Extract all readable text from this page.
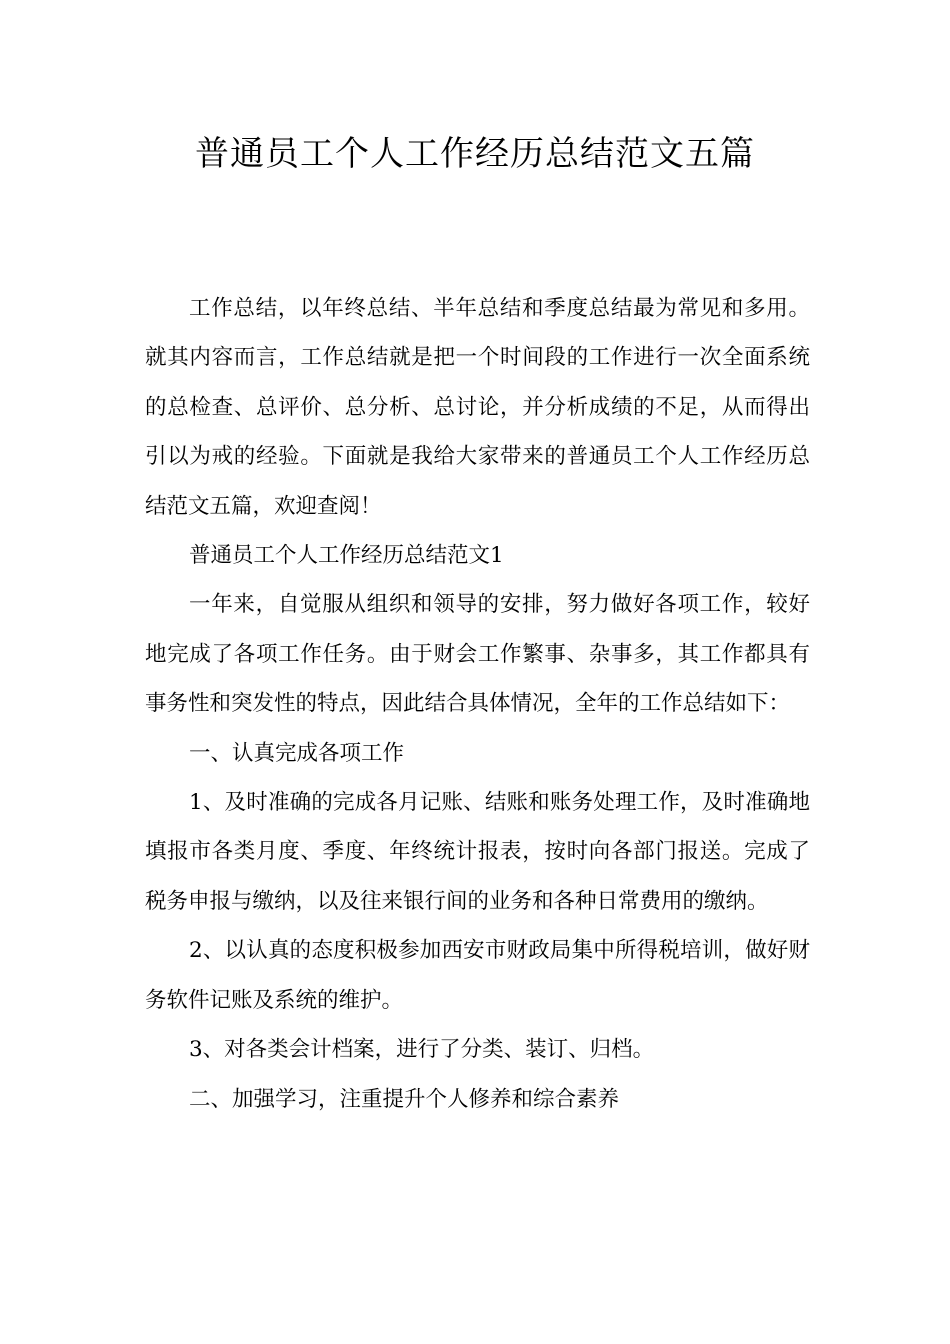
普通员工个人工作经历总结范文五篇

工作总结，以年终总结、半年总结和季度总结最为常见和多用。就其内容而言，工作总结就是把一个时间段的工作进行一次全面系统的总检查、总评价、总分析、总讨论，并分析成绩的不足，从而得出引以为戒的经验。下面就是我给大家带来的普通员工个人工作经历总结范文五篇，欢迎查阅！

普通员工个人工作经历总结范文1

一年来，自觉服从组织和领导的安排，努力做好各项工作，较好地完成了各项工作任务。由于财会工作繁事、杂事多，其工作都具有事务性和突发性的特点，因此结合具体情况，全年的工作总结如下：

一、认真完成各项工作

1、及时准确的完成各月记账、结账和账务处理工作，及时准确地填报市各类月度、季度、年终统计报表，按时向各部门报送。完成了税务申报与缴纳，以及往来银行间的业务和各种日常费用的缴纳。

2、以认真的态度积极参加西安市财政局集中所得税培训，做好财务软件记账及系统的维护。

3、对各类会计档案，进行了分类、装订、归档。

二、加强学习，注重提升个人修养和综合素养
